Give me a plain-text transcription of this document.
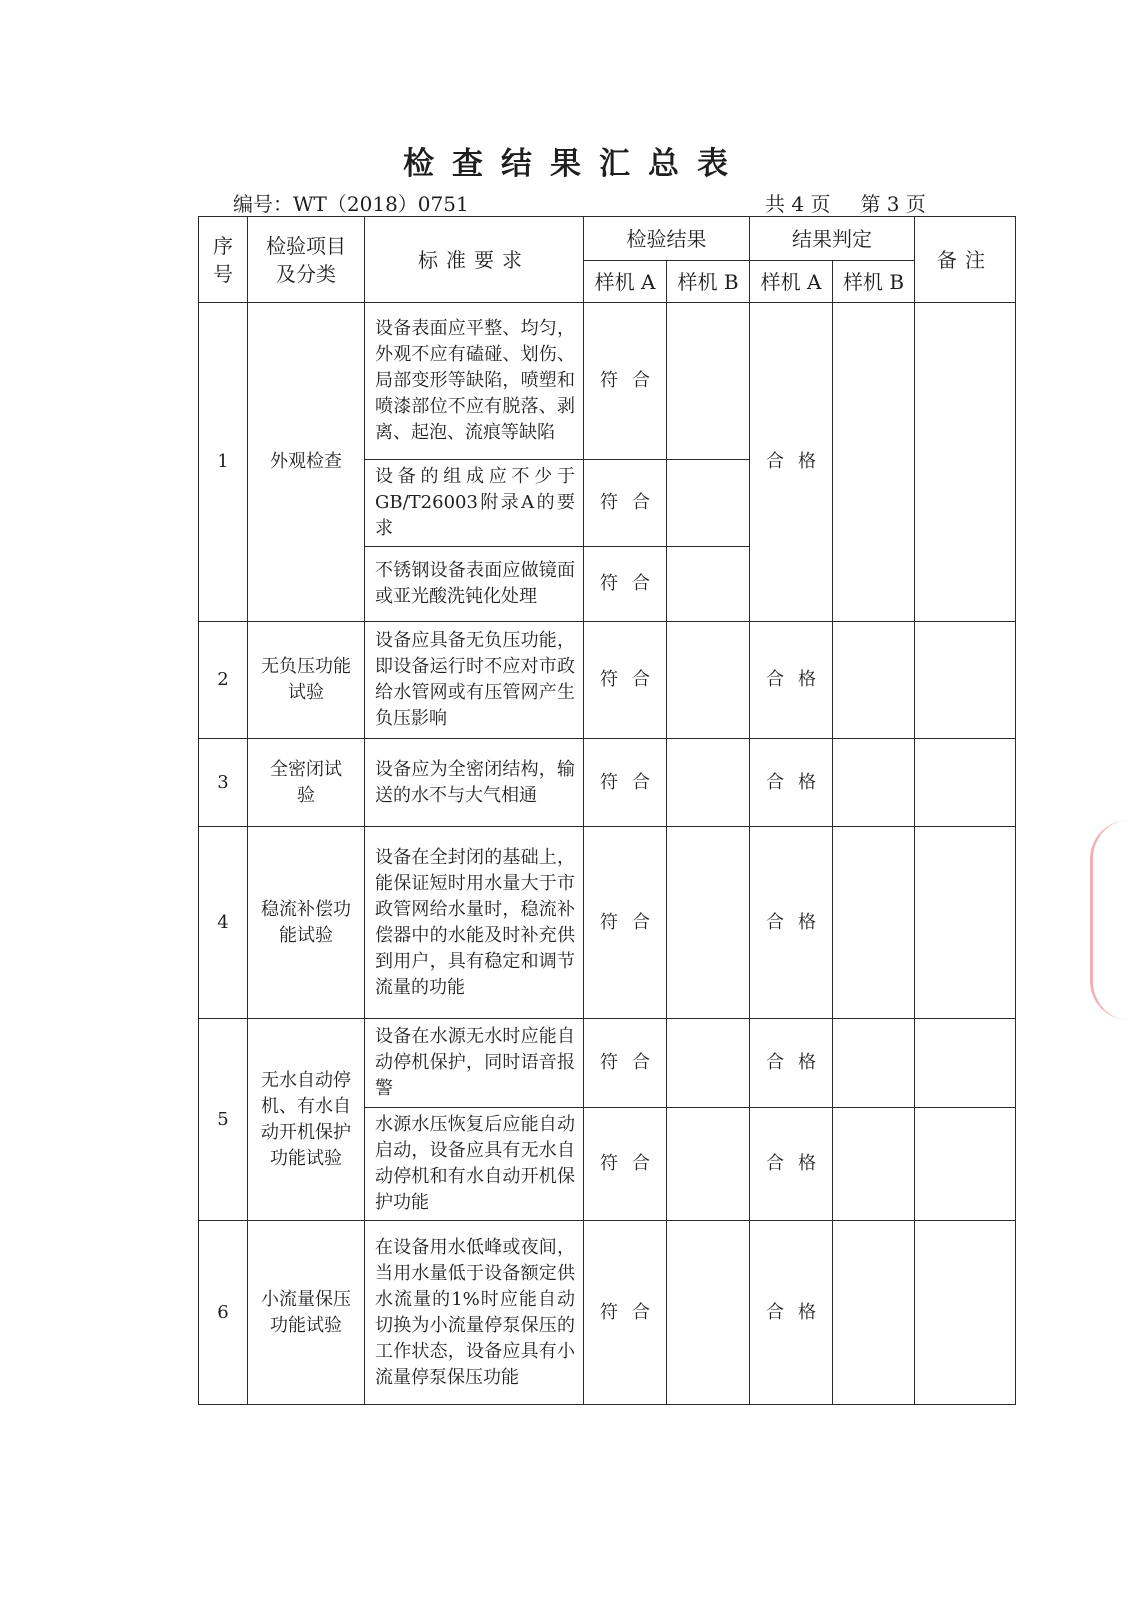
检查结果汇总表
编号：WT（2018）0751	共 4 页 第 3 页
序号	检验项目及分类	标准要求	检验结果		结果判定		备注
			样机 A	样机 B	样机 A	样机 B	
1	外观检查	设备表面应平整、均匀，外观不应有磕碰、划伤、局部变形等缺陷，喷塑和喷漆部位不应有脱落、剥离、起泡、流痕等缺陷	符合		合格		
		设备的组成应不少于GB/T26003附录A的要求	符合				
		不锈钢设备表面应做镜面或亚光酸洗钝化处理	符合				
2	无负压功能试验	设备应具备无负压功能，即设备运行时不应对市政给水管网或有压管网产生负压影响	符合		合格		
3	全密闭试验	设备应为全密闭结构，输送的水不与大气相通	符合		合格		
4	稳流补偿功能试验	设备在全封闭的基础上，能保证短时用水量大于市政管网给水量时，稳流补偿器中的水能及时补充供到用户，具有稳定和调节流量的功能	符合		合格		
5	无水自动停机、有水自动开机保护功能试验	设备在水源无水时应能自动停机保护，同时语音报警	符合		合格		
		水源水压恢复后应能自动启动，设备应具有无水自动停机和有水自动开机保护功能	符合		合格		
6	小流量保压功能试验	在设备用水低峰或夜间，当用水量低于设备额定供水流量的1%时应能自动切换为小流量停泵保压的工作状态，设备应具有小流量停泵保压功能	符合		合格		
